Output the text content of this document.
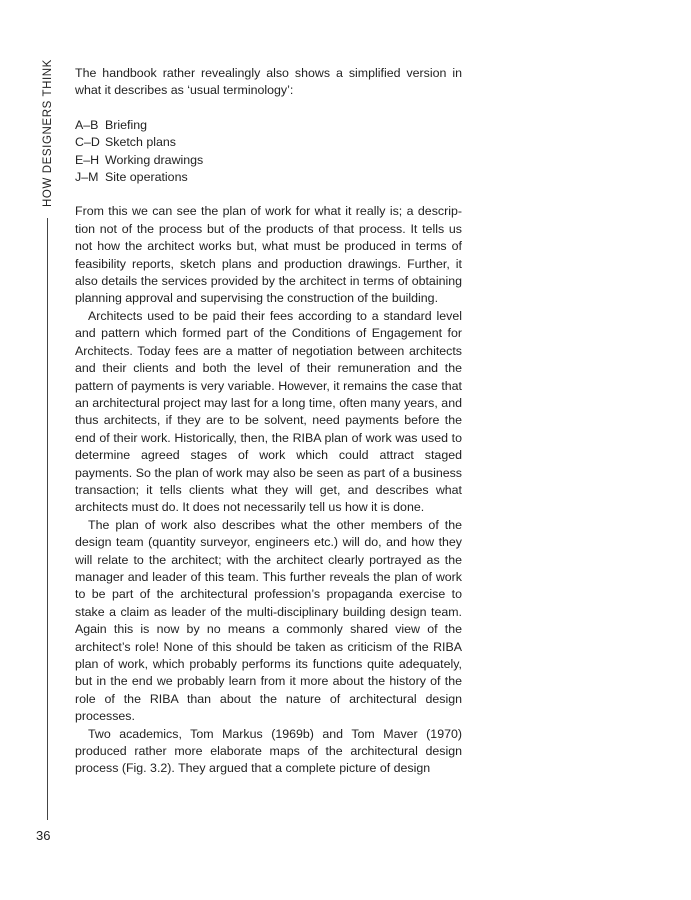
HOW DESIGNERS THINK
36

The handbook rather revealingly also shows a simplified version in what it describes as ‘usual terminology’:

A–B Briefing
C–D Sketch plans
E–H Working drawings
J–M Site operations

From this we can see the plan of work for what it really is; a description not of the process but of the products of that process. It tells us not how the architect works but, what must be produced in terms of feasibility reports, sketch plans and production drawings. Further, it also details the services provided by the architect in terms of obtaining planning approval and supervising the construction of the building.

Architects used to be paid their fees according to a standard level and pattern which formed part of the Conditions of Engagement for Architects. Today fees are a matter of negotiation between architects and their clients and both the level of their remuneration and the pattern of payments is very variable. However, it remains the case that an architectural project may last for a long time, often many years, and thus architects, if they are to be solvent, need payments before the end of their work. Historically, then, the RIBA plan of work was used to determine agreed stages of work which could attract staged payments. So the plan of work may also be seen as part of a business transaction; it tells clients what they will get, and describes what architects must do. It does not necessarily tell us how it is done.

The plan of work also describes what the other members of the design team (quantity surveyor, engineers etc.) will do, and how they will relate to the architect; with the architect clearly portrayed as the manager and leader of this team. This further reveals the plan of work to be part of the architectural profession’s propaganda exercise to stake a claim as leader of the multi-disciplinary building design team. Again this is now by no means a commonly shared view of the architect’s role! None of this should be taken as criticism of the RIBA plan of work, which probably performs its functions quite adequately, but in the end we probably learn from it more about the history of the role of the RIBA than about the nature of architectural design processes.

Two academics, Tom Markus (1969b) and Tom Maver (1970) produced rather more elaborate maps of the architectural design process (Fig. 3.2). They argued that a complete picture of design
